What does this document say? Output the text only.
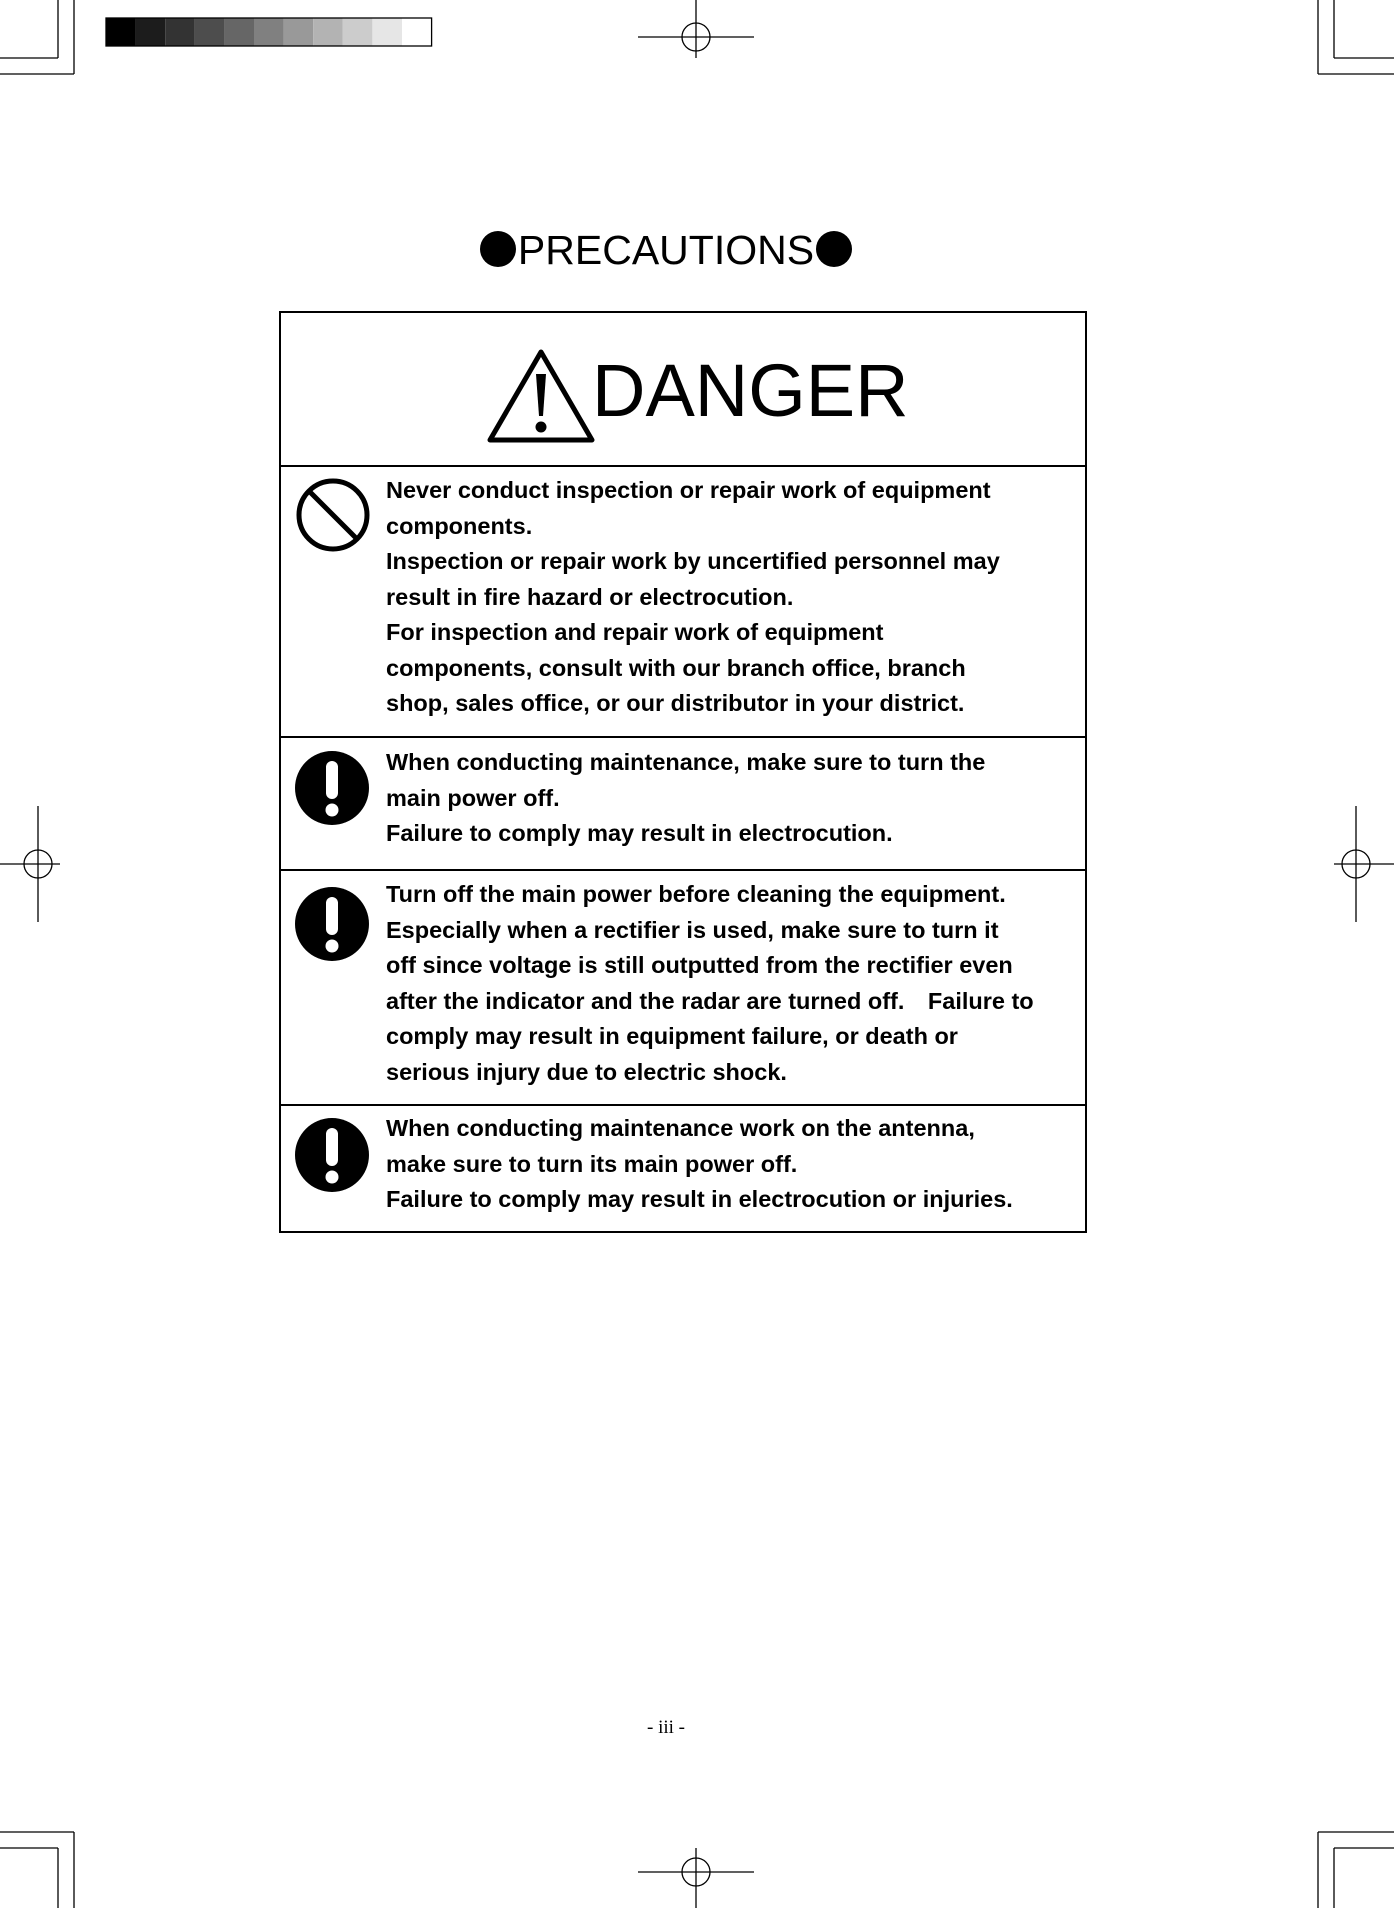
PRECAUTIONS
DANGER
Never conduct inspection or repair work of equipment
components.
Inspection or repair work by uncertified personnel may
result in fire hazard or electrocution.
For inspection and repair work of equipment
components, consult with our branch office, branch
shop, sales office, or our distributor in your district.
When conducting maintenance, make sure to turn the
main power off.
Failure to comply may result in electrocution.
Turn off the main power before cleaning the equipment.
Especially when a rectifier is used, make sure to turn it
off since voltage is still outputted from the rectifier even
after the indicator and the radar are turned off.　Failure to
comply may result in equipment failure, or death or
serious injury due to electric shock.
When conducting maintenance work on the antenna,
make sure to turn its main power off.
Failure to comply may result in electrocution or injuries.
- iii -
